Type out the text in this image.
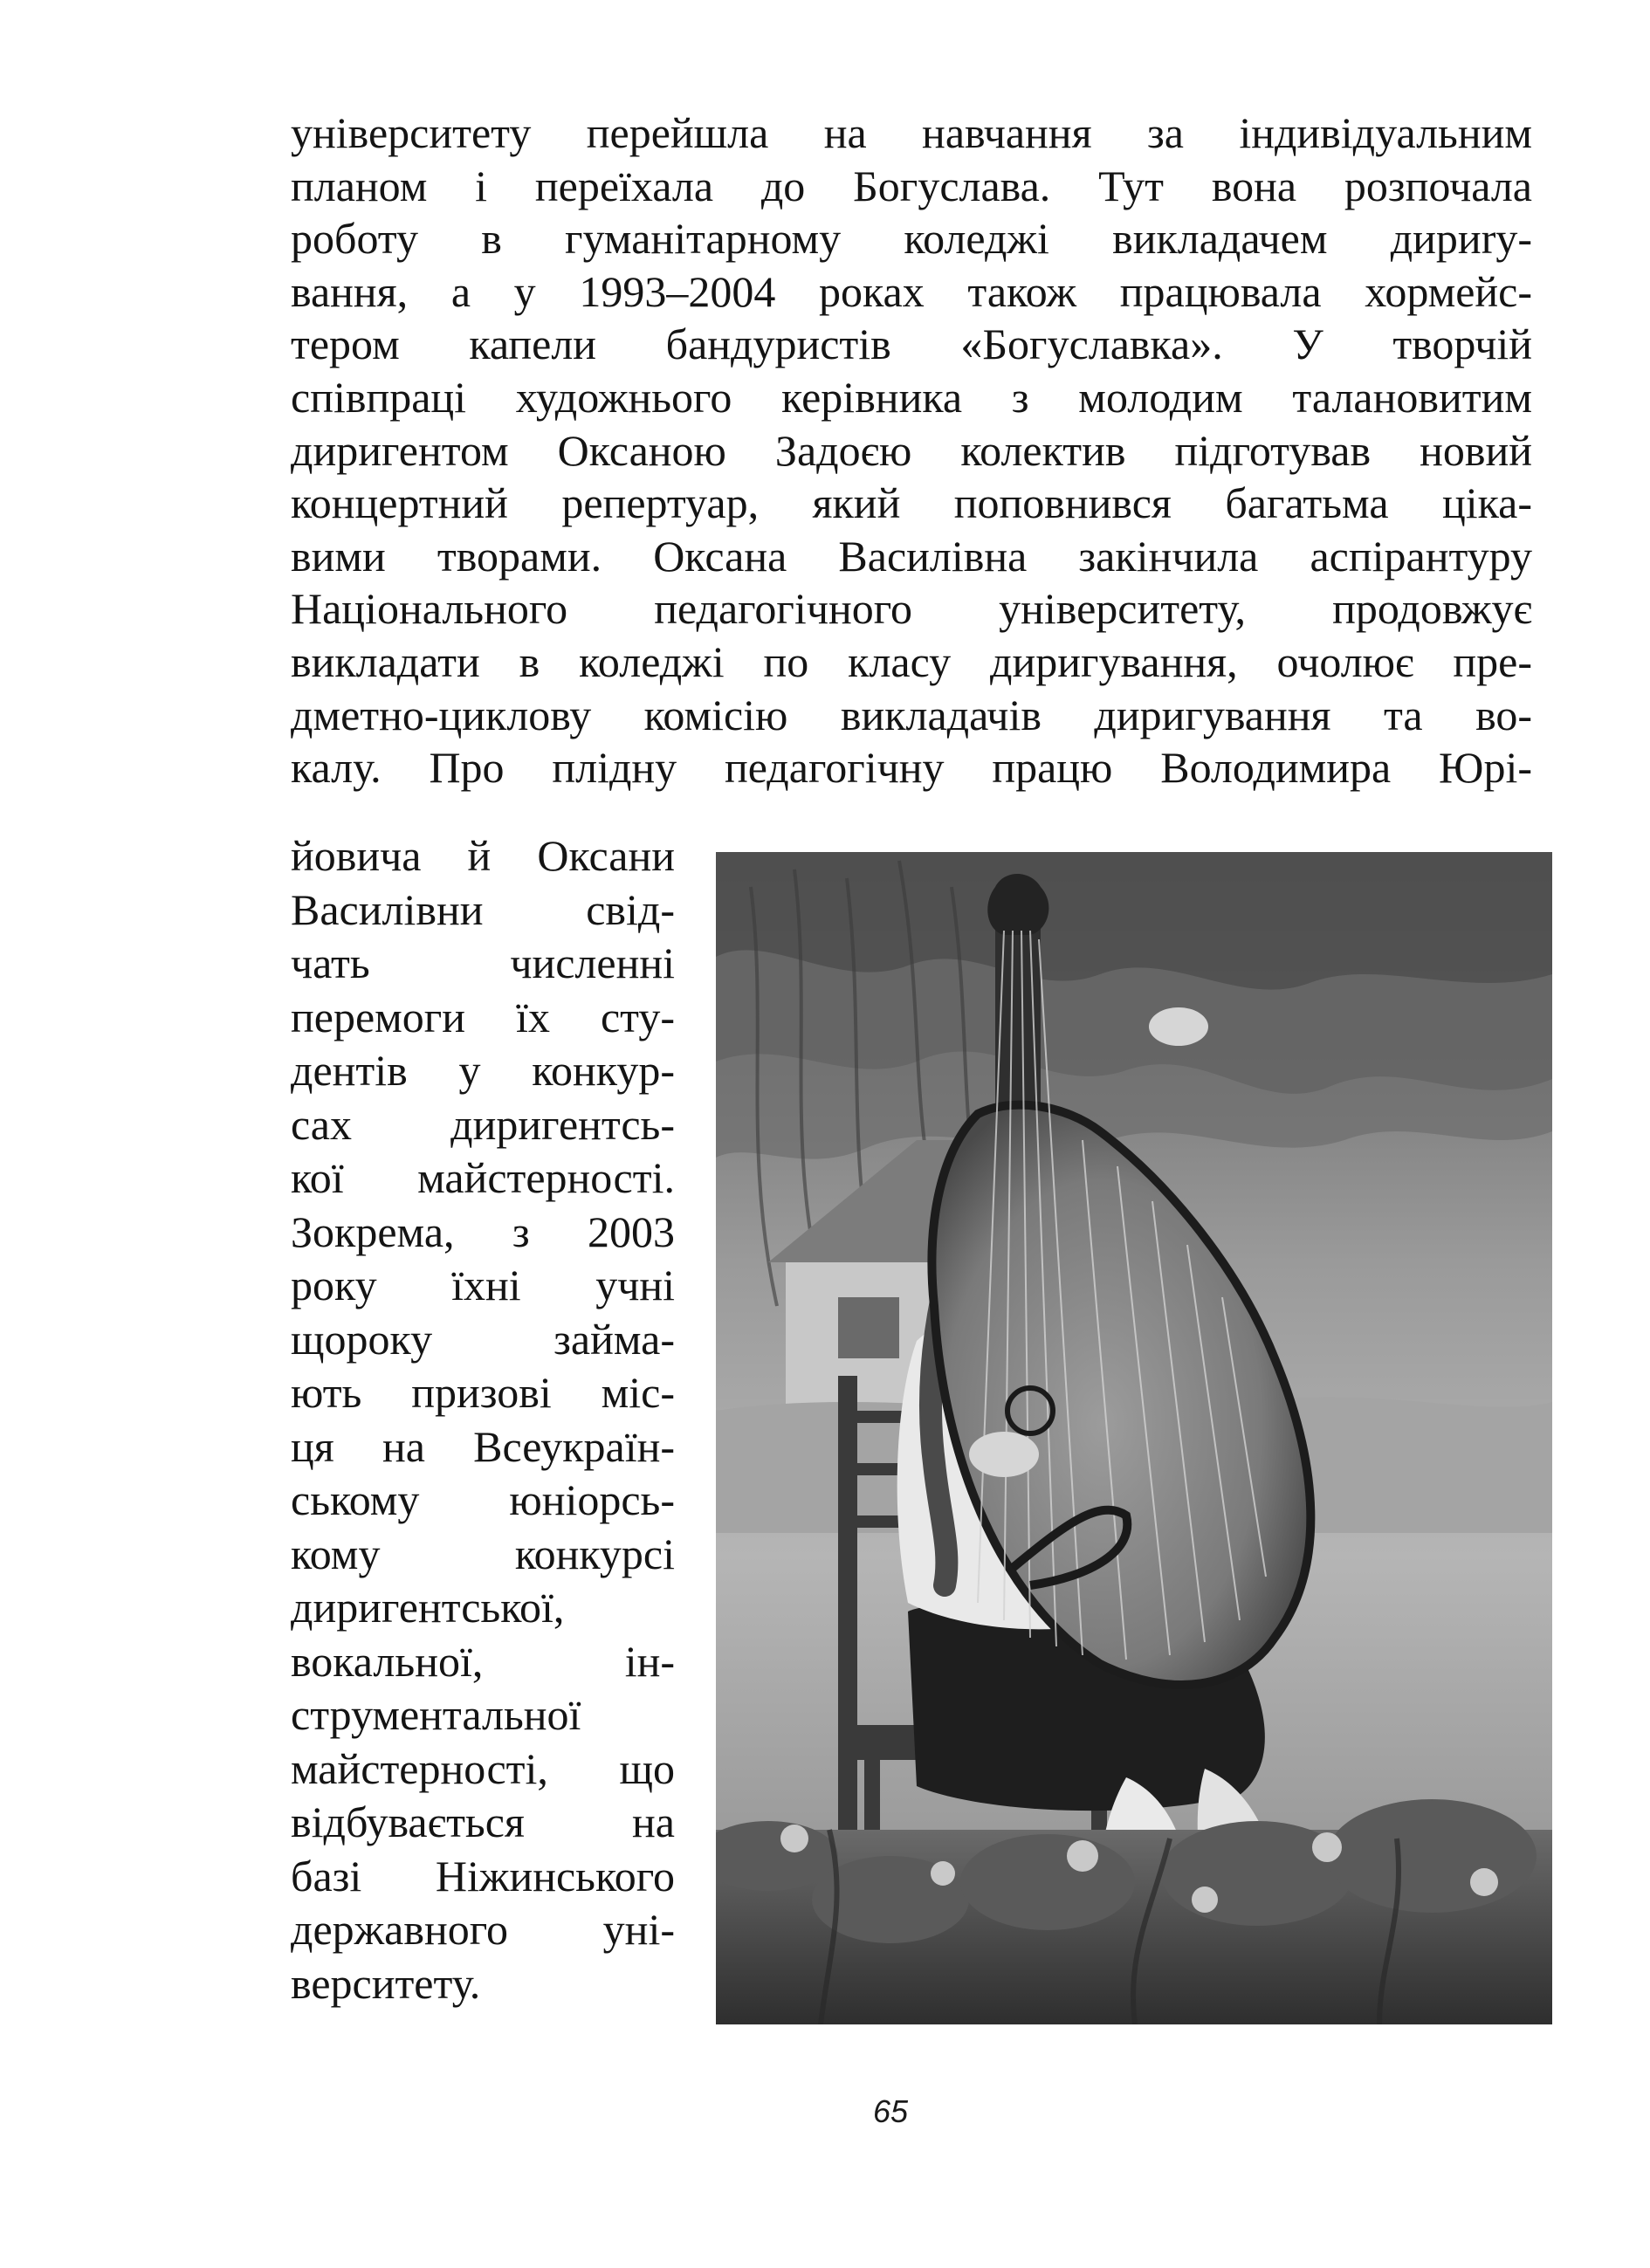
університету перейшла на навчання за індивідуальним
планом і переїхала до Богуслава. Тут вона розпочала
роботу в гуманітарному коледжі викладачем дириrу-
вання, а у 1993–2004 роках також працювала хормейс-
тером капели бандуристів «Богуславка». У творчій
співпраці художнього керівника з молодим талановитим
диригентом Оксаною Задоєю колектив підготував новий
концертний репертуар, який поповнився багатьма ціка-
вими творами. Оксана Василівна закінчила аспірантуру
Національного педагогічного університету, продовжує
викладати в коледжі по класу диригування, очолює пре-
дметно-циклову комісію викладачів диригування та во-
калу. Про плідну педагогічну працю Володимира Юрі-
йовича й Оксани
Василівни свід-
чать численні
перемоги їх сту-
дентів у конкур-
сах диригентсь-
кої майстерності.
Зокрема, з 2003
року їхні учні
щороку займа-
ють призові міс-
ця на Всеукраїн-
ському юніорсь-
кому конкурсі
диригентської,
вокальної, ін-
струментальної
майстерності, що
відбувається на
базі Ніжинського
державного уні-
верситету.
65
